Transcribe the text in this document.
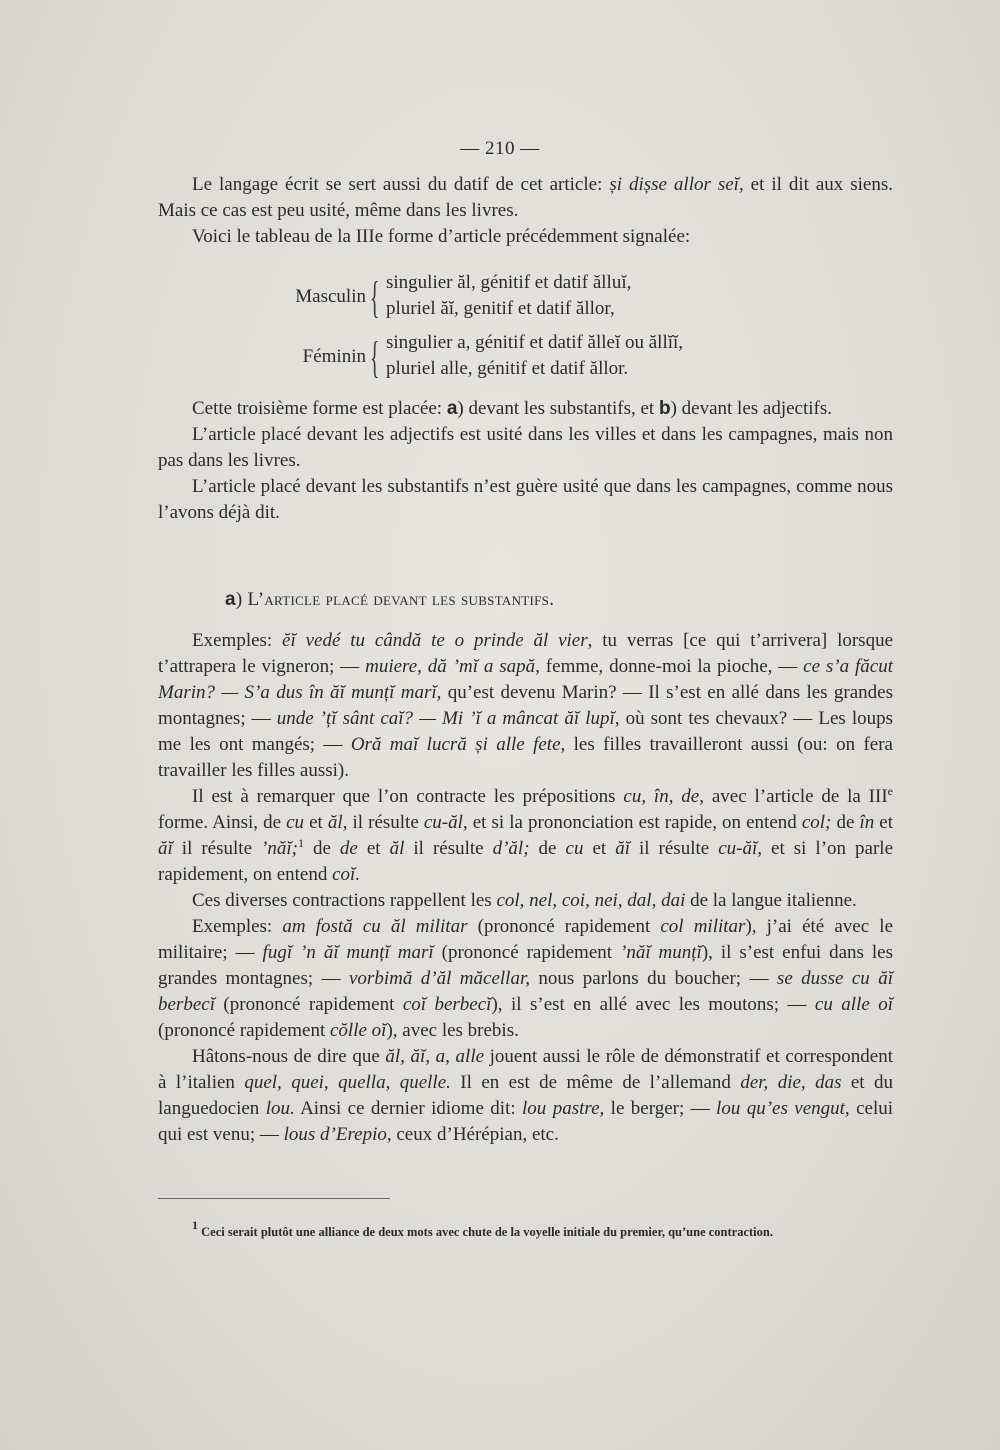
— 210 —

Le langage écrit se sert aussi du datif de cet article: și dișse allor seĭ, et il dit aux siens. Mais ce cas est peu usité, même dans les livres.

Voici le tableau de la IIIe forme d’article précédemment signalée:

Masculin { singulier ăl, génitif et datif ălluĭ,
pluriel ăĭ, genitif et datif ăllor,
Féminin { singulier a, génitif et datif ălleĭ ou ăllĭĭ,
pluriel alle, génitif et datif ăllor.

Cette troisième forme est placée: a) devant les substantifs, et b) devant les adjectifs.

L’article placé devant les adjectifs est usité dans les villes et dans les campagnes, mais non pas dans les livres.

L’article placé devant les substantifs n’est guère usité que dans les campagnes, comme nous l’avons déjà dit.

a) L’article placé devant les substantifs.

Exemples: ĕĭ vedé tu cândă te o prinde ăl vier, tu verras [ce qui t’arrivera] lorsque t’attrapera le vigneron; — muiere, dă ’mĭ a sapă, femme, donne-moi la pioche, — ce s’a făcut Marin? — S’a dus în ăĭ munțĭ marĭ, qu’est devenu Marin? — Il s’est en allé dans les grandes montagnes; — unde ’țĭ sânt caĭ? — Mi ’ĭ a mâncat ăĭ lupĭ, où sont tes chevaux? — Les loups me les ont mangés; — Oră maĭ lucră și alle fete, les filles travailleront aussi (ou: on fera travailler les filles aussi).

Il est à remarquer que l’on contracte les prépositions cu, în, de, avec l’article de la IIIe forme. Ainsi, de cu et ăl, il résulte cu-ăl, et si la prononciation est rapide, on entend col; de în et ăĭ il résulte ’năĭ;$^1$ de de et ăl il résulte d’ăl; de cu et ăĭ il résulte cu-ăĭ, et si l’on parle rapidement, on entend coĭ.

Ces diverses contractions rappellent les col, nel, coi, nei, dal, dai de la langue italienne.

Exemples: am fostă cu ăl militar (prononcé rapidement col militar), j’ai été avec le militaire; — fugĭ ’n ăĭ munțĭ marĭ (prononcé rapidement ’năĭ munțĭ), il s’est enfui dans les grandes montagnes; — vorbimă d’ăl măcellar, nous parlons du boucher; — se dusse cu ăĭ berbecĭ (prononcé rapidement coĭ berbecĭ), il s’est en allé avec les moutons; — cu alle oĭ (prononcé rapidement cŏlle oĭ), avec les brebis.

Hâtons-nous de dire que ăl, ăĭ, a, alle jouent aussi le rôle de démonstratif et correspondent à l’italien quel, quei, quella, quelle. Il en est de même de l’allemand der, die, das et du languedocien lou. Ainsi ce dernier idiome dit: lou pastre, le berger; — lou qu’es vengut, celui qui est venu; — lous d’Erepio, ceux d’Hérépian, etc.

$^1$ Ceci serait plutôt une alliance de deux mots avec chute de la voyelle initiale du premier, qu’une contraction.
